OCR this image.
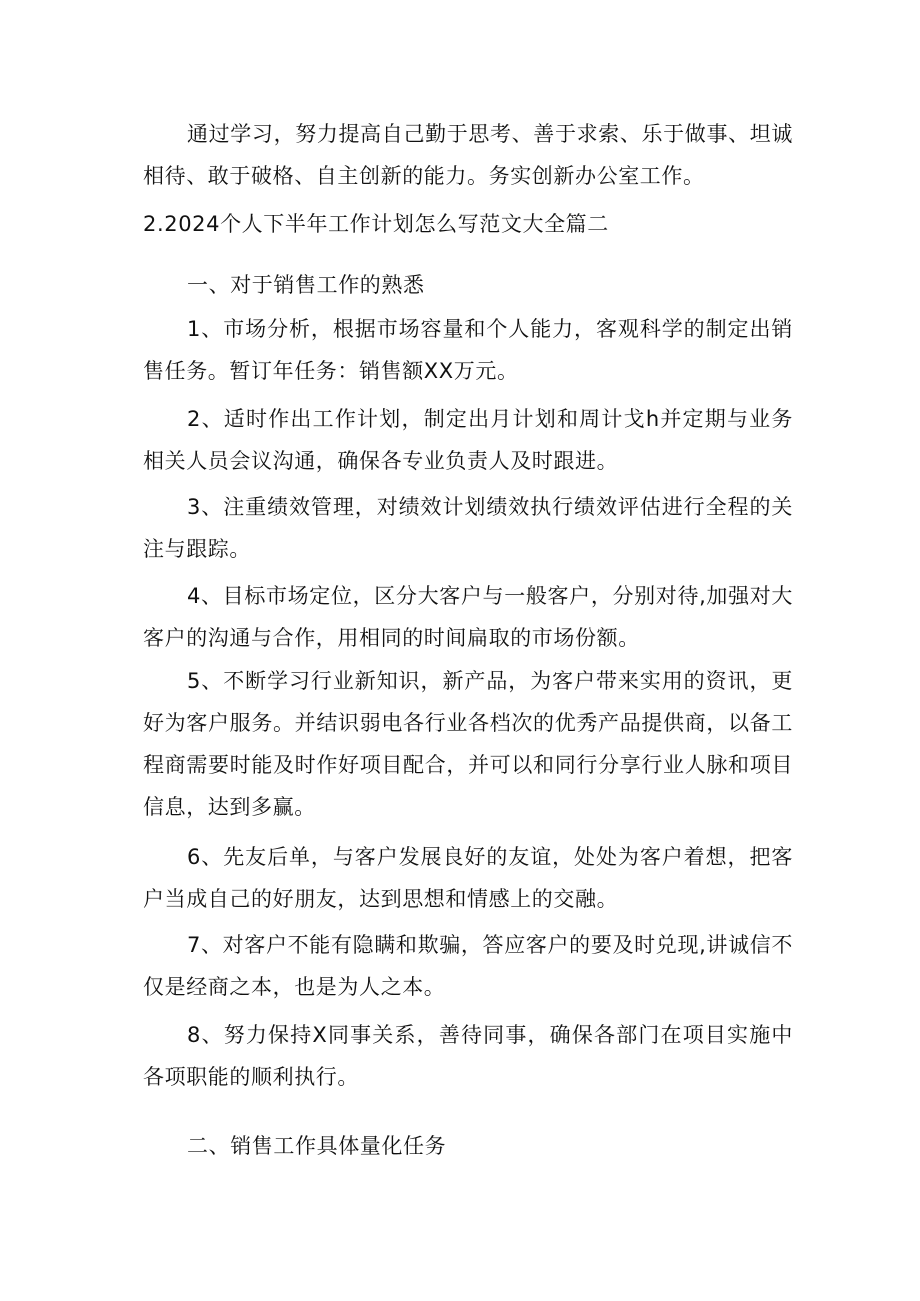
通过学习，努力提高自己勤于思考、善于求索、乐于做事、坦诚相待、敢于破格、自主创新的能力。务实创新办公室工作。

2.2024个人下半年工作计划怎么写范文大全篇二

一、对于销售工作的熟悉

1、市场分析，根据市场容量和个人能力，客观科学的制定出销售任务。暂订年任务：销售额XX万元。

2、适时作出工作计划，制定出月计划和周计戈h并定期与业务相关人员会议沟通，确保各专业负责人及时跟进。

3、注重绩效管理，对绩效计划绩效执行绩效评估进行全程的关注与跟踪。

4、目标市场定位，区分大客户与一般客户，分别对待,加强对大客户的沟通与合作，用相同的时间扁取的市场份额。

5、不断学习行业新知识，新产品，为客户带来实用的资讯，更好为客户服务。并结识弱电各行业各档次的优秀产品提供商，以备工程商需要时能及时作好项目配合，并可以和同行分享行业人脉和项目信息，达到多赢。

6、先友后单，与客户发展良好的友谊，处处为客户着想，把客户当成自己的好朋友，达到思想和情感上的交融。

7、对客户不能有隐瞒和欺骗，答应客户的要及时兑现,讲诚信不仅是经商之本，也是为人之本。

8、努力保持X同事关系，善待同事，确保各部门在项目实施中各项职能的顺利执行。

二、销售工作具体量化任务
